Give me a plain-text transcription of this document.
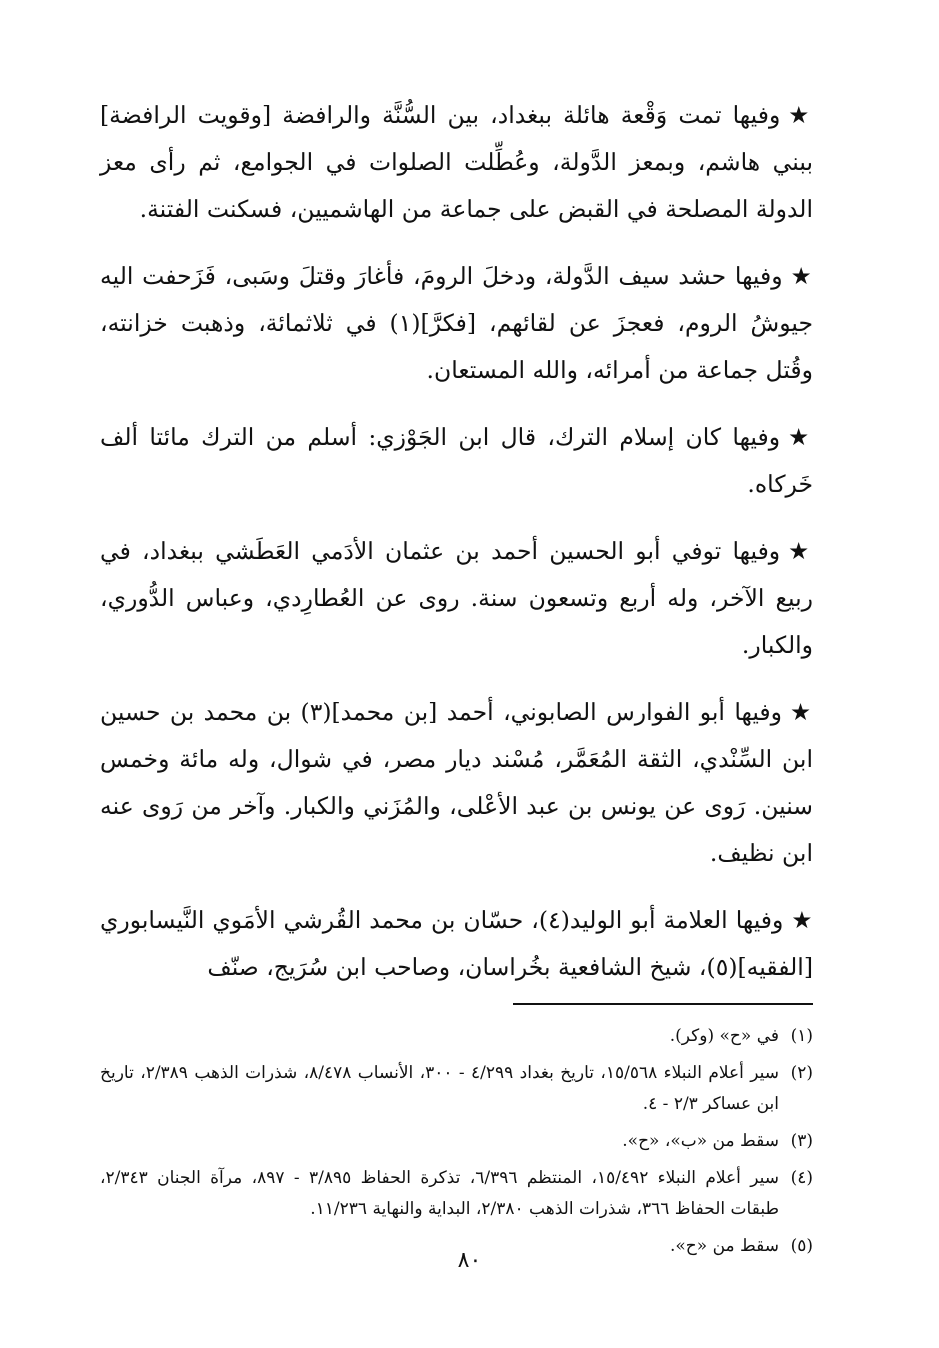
★وفيها تمت وَقْعة هائلة ببغداد، بين السُّنَّة والرافضة [وقويت الرافضة] ببني هاشم، وبمعز الدَّولة، وعُطِّلت الصلوات في الجوامع، ثم رأى معز الدولة المصلحة في القبض على جماعة من الهاشميين، فسكنت الفتنة.
★وفيها حشد سيف الدَّولة، ودخلَ الرومَ، فأغارَ وقتلَ وسَبى، فَزَحفت اليه جيوشُ الروم، فعجزَ عن لقائهم، [فكرَّ](١) في ثلاثمائة، وذهبت خزانته، وقُتل جماعة من أمرائه، والله المستعان.
★وفيها كان إسلام الترك، قال ابن الجَوْزي: أسلم من الترك مائتا ألف خَركاه.
★وفيها توفي أبو الحسين أحمد بن عثمان الأدَمي العَطَشي ببغداد، في ربيع الآخر، وله أربع وتسعون سنة. روى عن العُطارِدي، وعباس الدُّوري، والكبار.
★وفيها أبو الفوارس الصابوني، أحمد [بن محمد](٣) بن محمد بن حسين ابن السِّنْدي، الثقة المُعَمَّر، مُسْند ديار مصر، في شوال، وله مائة وخمس سنين. رَوى عن يونس بن عبد الأعْلى، والمُزَني والكبار. وآخر من رَوى عنه ابن نظيف.
★وفيها العلامة أبو الوليد(٤)، حسّان بن محمد القُرشي الأمَوي النَّيسابوري [الفقيه](٥)، شيخ الشافعية بخُراسان، وصاحب ابن سُرَيج، صنّف
(١)
في «ح» (وكر).
(٢)
سير أعلام النبلاء ١٥/٥٦٨، تاريخ بغداد ٤/٢٩٩ - ٣٠٠، الأنساب ٨/٤٧٨، شذرات الذهب ٢/٣٨٩، تاريخ ابن عساكر ٢/٣ - ٤.
(٣)
سقط من «ب»، «ح».
(٤)
سير أعلام النبلاء ١٥/٤٩٢، المنتظم ٦/٣٩٦، تذكرة الحفاظ ٣/٨٩٥ - ٨٩٧، مرآة الجنان ٢/٣٤٣، طبقات الحفاظ ٣٦٦، شذرات الذهب ٢/٣٨٠، البداية والنهاية ١١/٢٣٦.
(٥)
سقط من «ح».
٨٠
